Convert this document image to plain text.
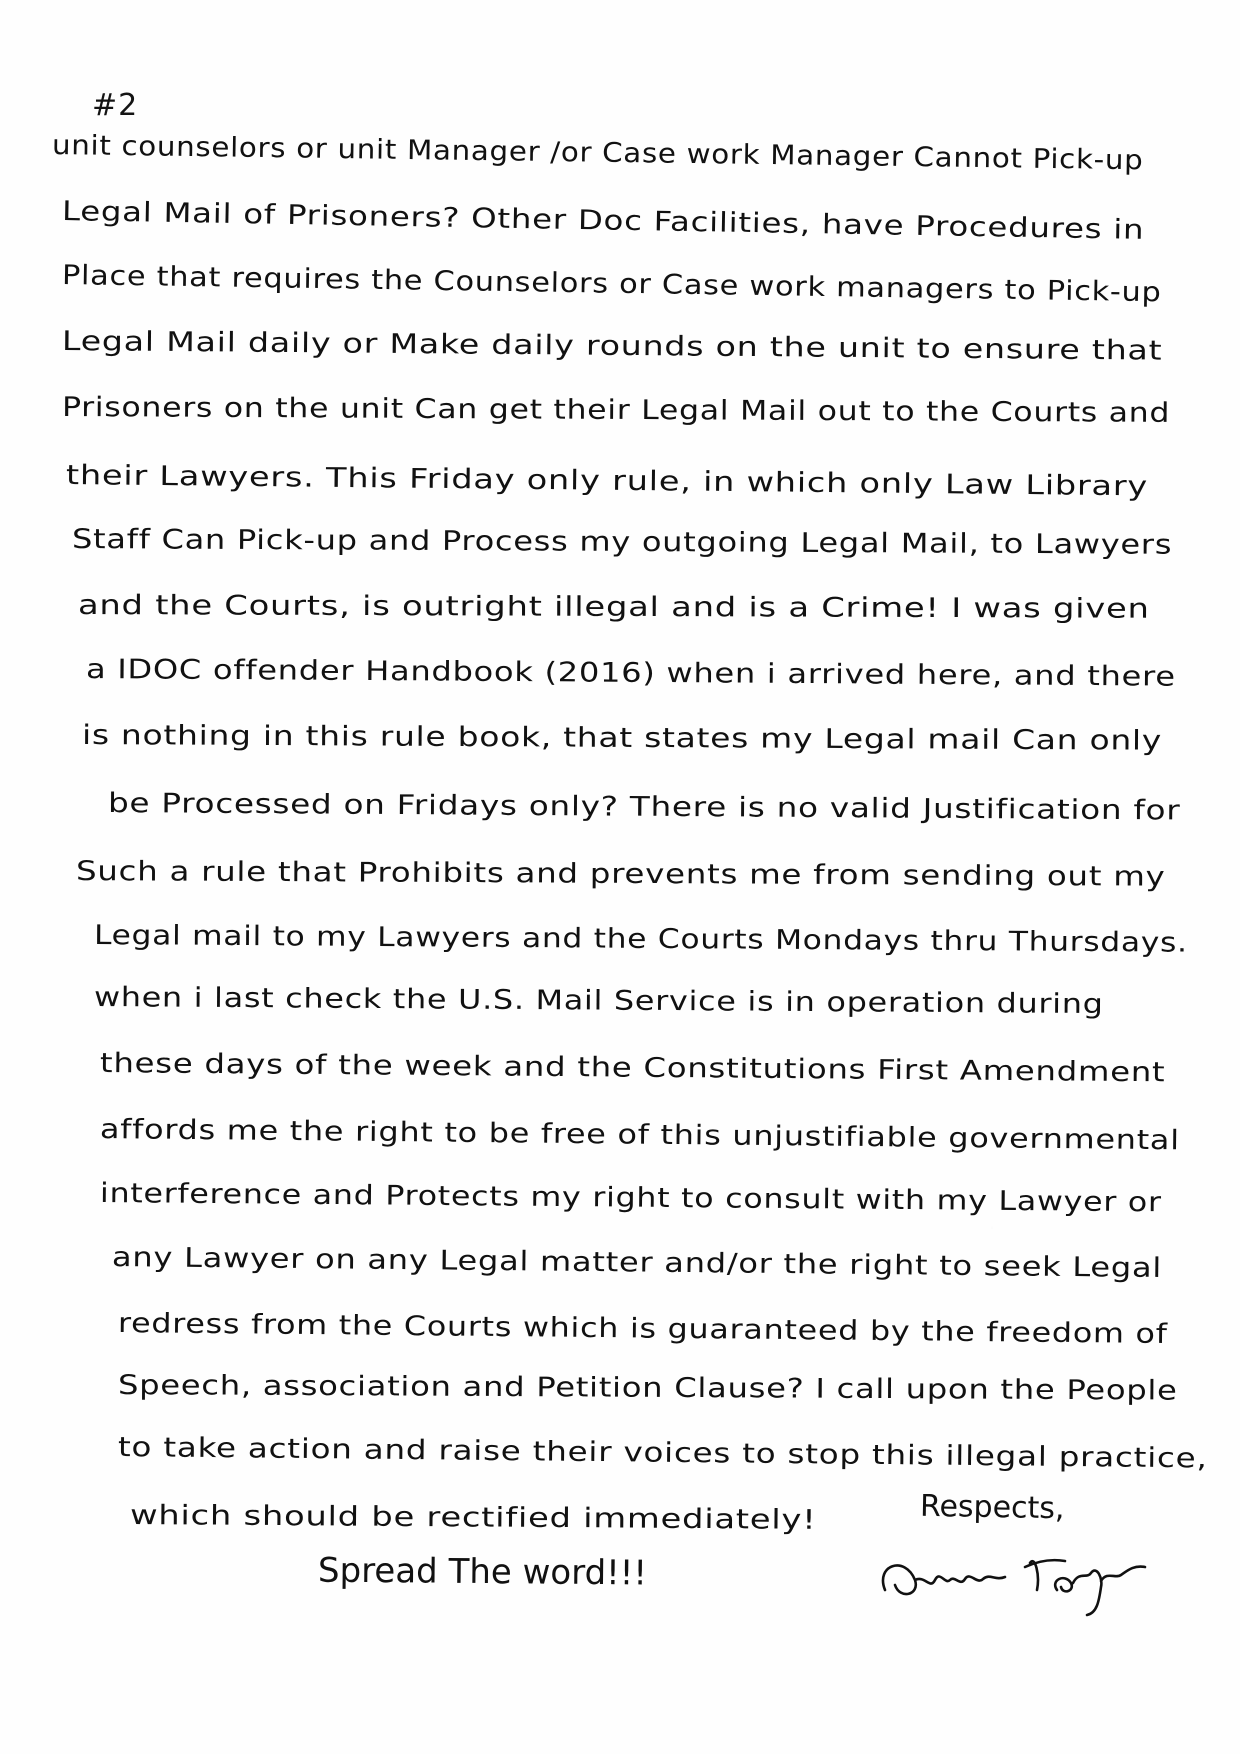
#2
unit counselors or unit Manager /or Case work Manager Cannot Pick-up
Legal Mail of Prisoners? Other Doc Facilities, have Procedures in
Place that requires the Counselors or Case work managers to Pick-up
Legal Mail daily or Make daily rounds on the unit to ensure that
Prisoners on the unit Can get their Legal Mail out to the Courts and
their Lawyers. This Friday only rule, in which only Law Library
Staff Can Pick-up and Process my outgoing Legal Mail, to Lawyers
and the Courts, is outright illegal and is a Crime! I was given
a IDOC offender Handbook (2016) when i arrived here, and there
is nothing in this rule book, that states my Legal mail Can only
be Processed on Fridays only? There is no valid Justification for
Such a rule that Prohibits and prevents me from sending out my
Legal mail to my Lawyers and the Courts Mondays thru Thursdays.
when i last check the U.S. Mail Service is in operation during
these days of the week and the Constitutions First Amendment
affords me the right to be free of this unjustifiable governmental
interference and Protects my right to consult with my Lawyer or
any Lawyer on any Legal matter and/or the right to seek Legal
redress from the Courts which is guaranteed by the freedom of
Speech, association and Petition Clause? I call upon the People
to take action and raise their voices to stop this illegal practice,
which should be rectified immediately!	Respects,
Spread The word!!!
